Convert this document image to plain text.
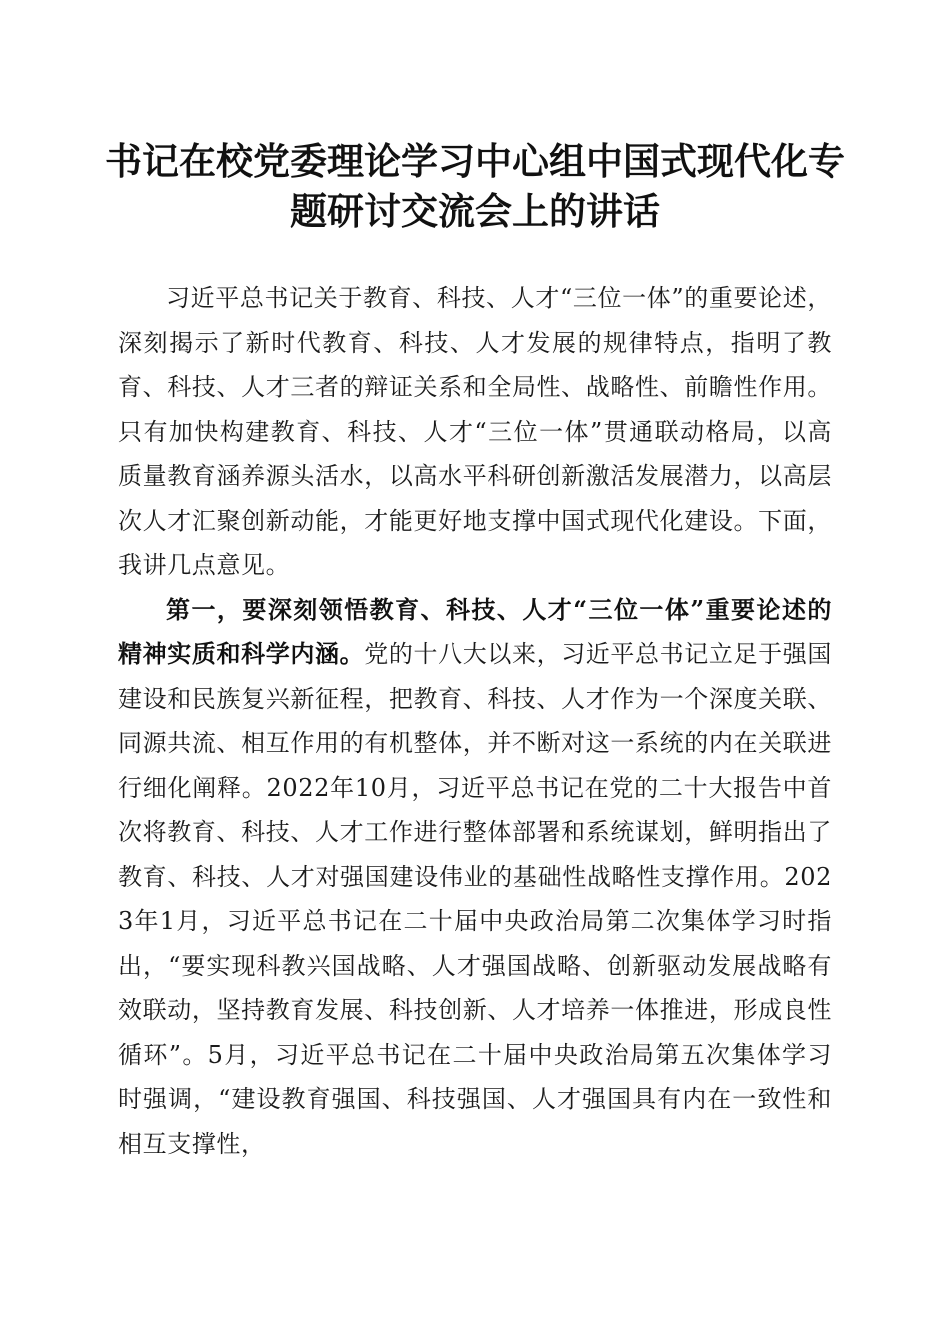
书记在校党委理论学习中心组中国式现代化专题研讨交流会上的讲话

习近平总书记关于教育、科技、人才“三位一体”的重要论述，深刻揭示了新时代教育、科技、人才发展的规律特点，指明了教育、科技、人才三者的辩证关系和全局性、战略性、前瞻性作用。只有加快构建教育、科技、人才“三位一体”贯通联动格局，以高质量教育涵养源头活水，以高水平科研创新激活发展潜力，以高层次人才汇聚创新动能，才能更好地支撑中国式现代化建设。下面，我讲几点意见。

第一，要深刻领悟教育、科技、人才“三位一体”重要论述的精神实质和科学内涵。党的十八大以来，习近平总书记立足于强国建设和民族复兴新征程，把教育、科技、人才作为一个深度关联、同源共流、相互作用的有机整体，并不断对这一系统的内在关联进行细化阐释。2022年10月，习近平总书记在党的二十大报告中首次将教育、科技、人才工作进行整体部署和系统谋划，鲜明指出了教育、科技、人才对强国建设伟业的基础性战略性支撑作用。2023年1月，习近平总书记在二十届中央政治局第二次集体学习时指出，“要实现科教兴国战略、人才强国战略、创新驱动发展战略有效联动，坚持教育发展、科技创新、人才培养一体推进，形成良性循环”。5月，习近平总书记在二十届中央政治局第五次集体学习时强调，“建设教育强国、科技强国、人才强国具有内在一致性和相互支撑性，
